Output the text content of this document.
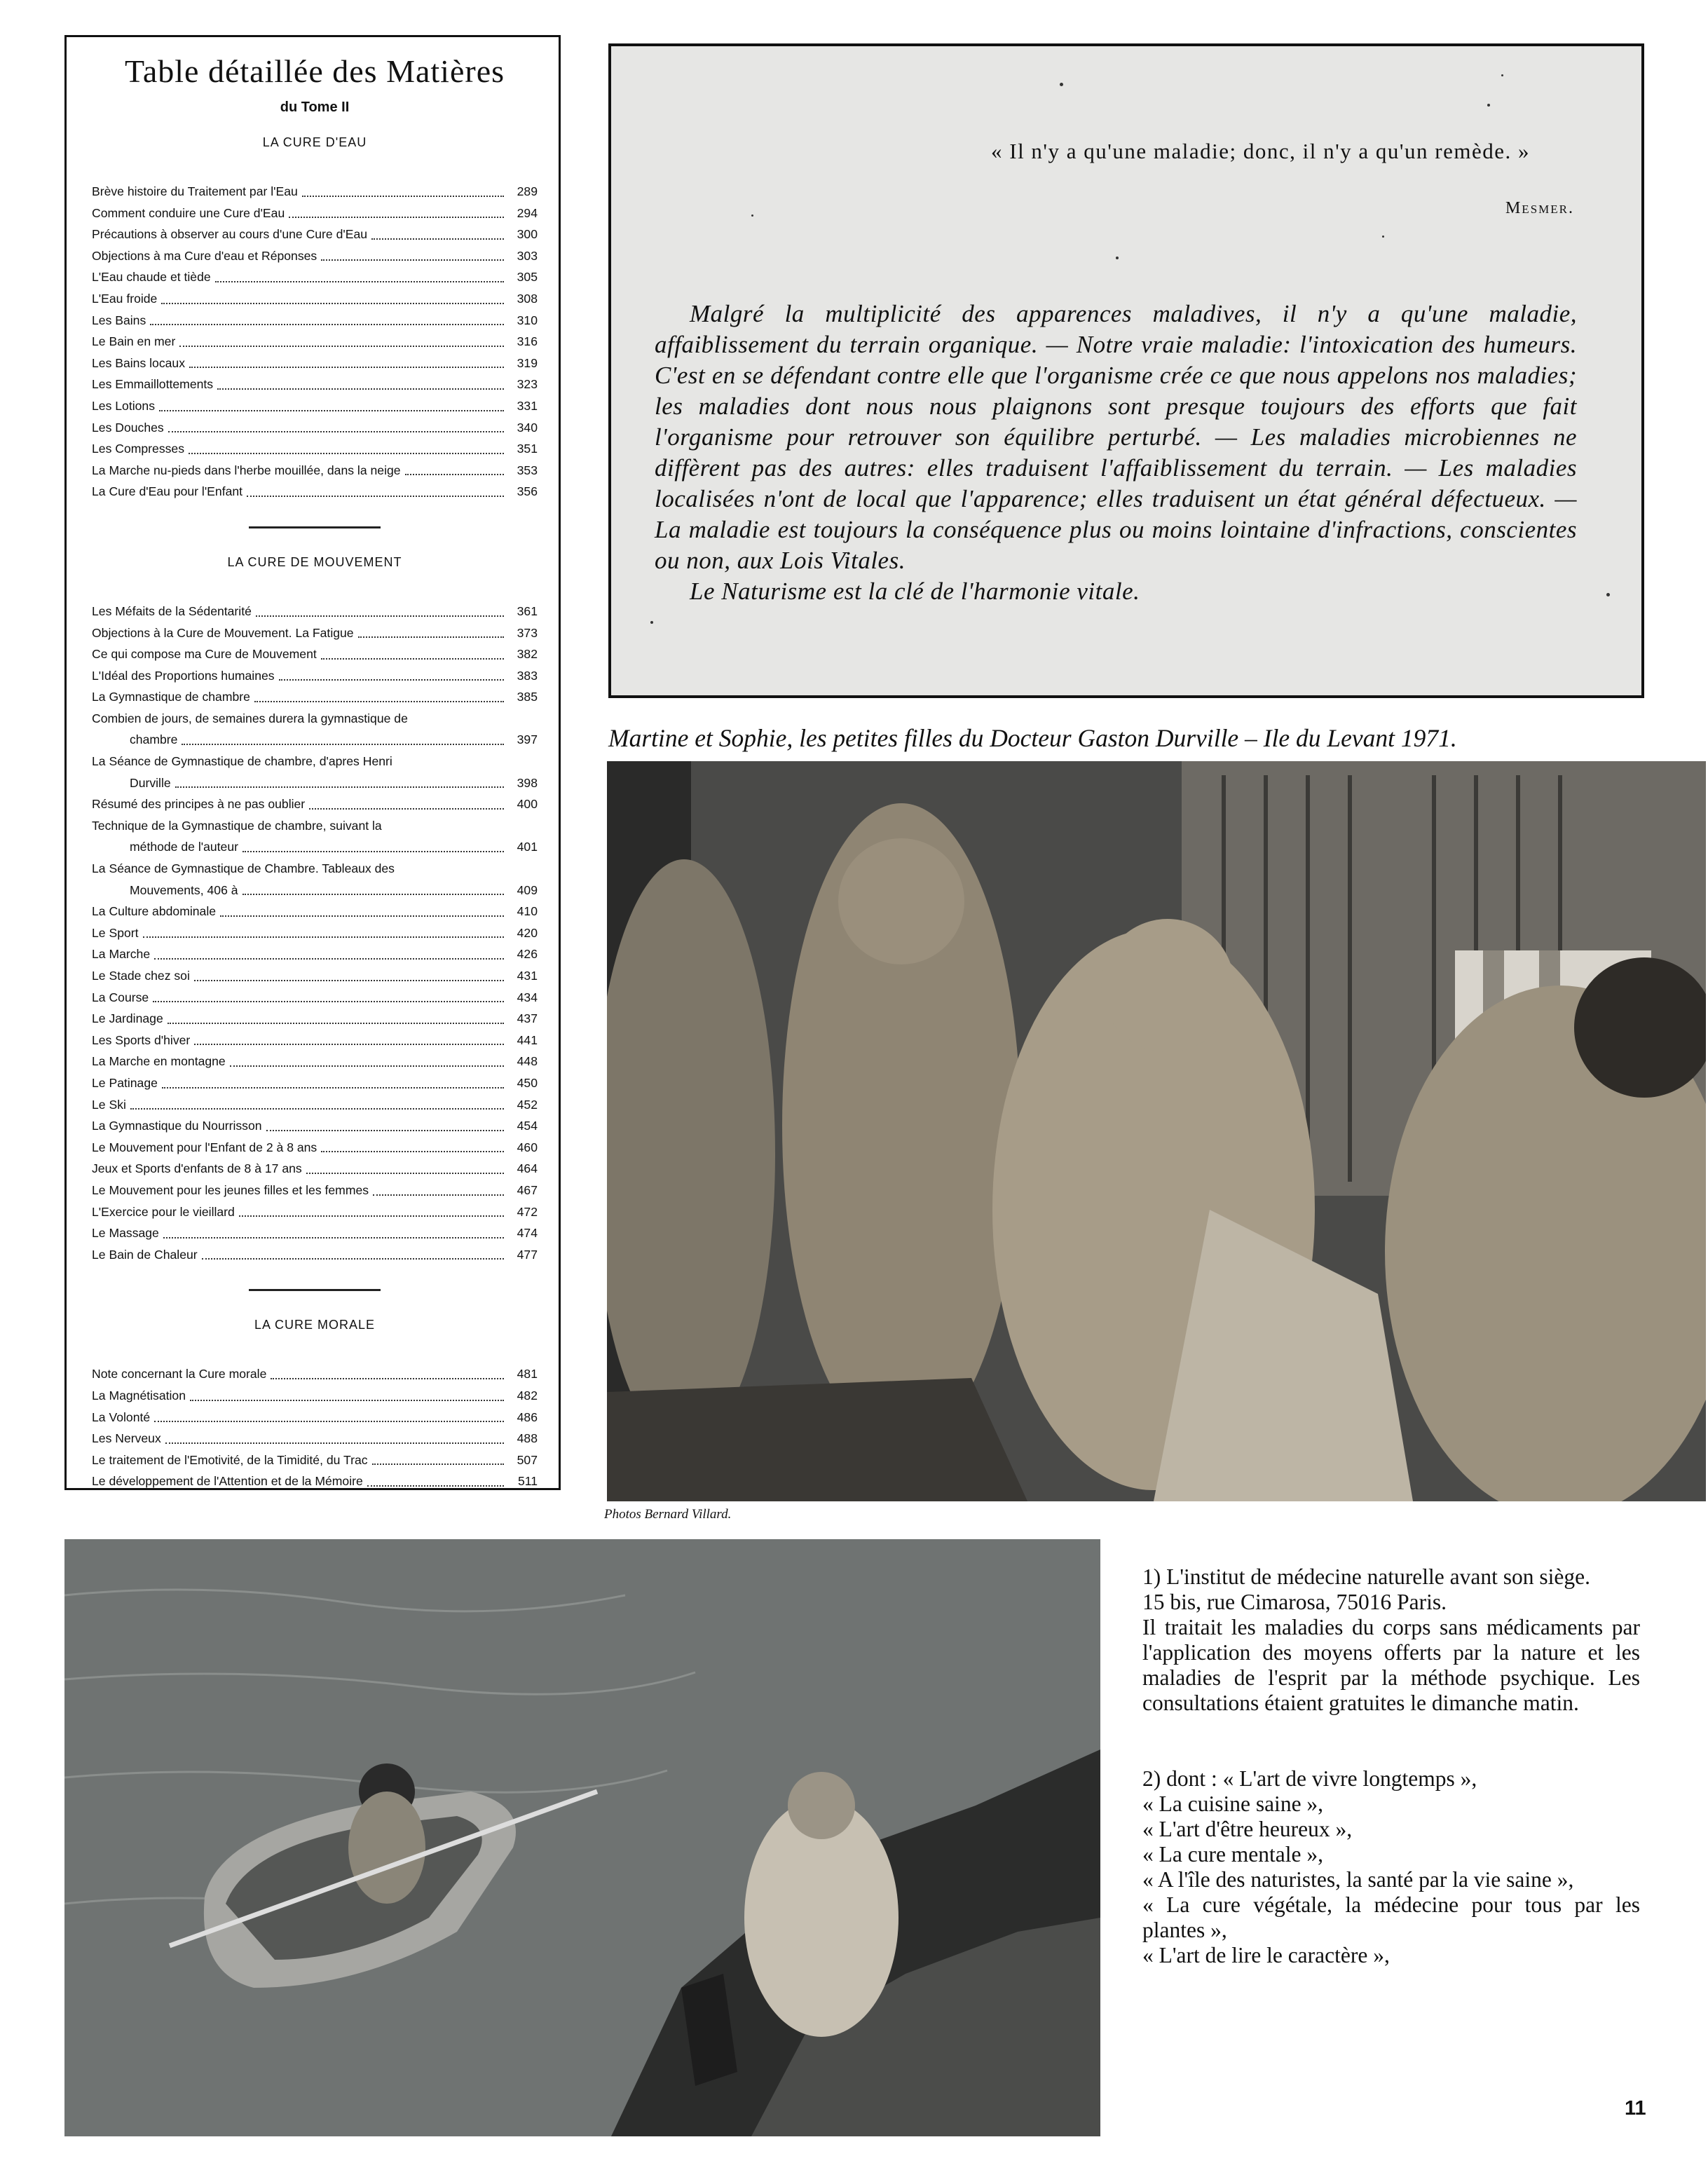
Table détaillée des Matières
du Tome II
LA CURE D'EAU
Brève histoire du Traitement par l'Eau	289
Comment conduire une Cure d'Eau	294
Précautions à observer au cours d'une Cure d'Eau	300
Objections à ma Cure d'eau et Réponses	303
L'Eau chaude et tiède	305
L'Eau froide	308
Les Bains	310
Le Bain en mer	316
Les Bains locaux	319
Les Emmaillottements	323
Les Lotions	331
Les Douches	340
Les Compresses	351
La Marche nu-pieds dans l'herbe mouillée, dans la neige	353
La Cure d'Eau pour l'Enfant	356
LA CURE DE MOUVEMENT
Les Méfaits de la Sédentarité	361
Objections à la Cure de Mouvement. La Fatigue	373
Ce qui compose ma Cure de Mouvement	382
L'Idéal des Proportions humaines	383
La Gymnastique de chambre	385
Combien de jours, de semaines durera la gymnastique de
chambre	397
La Séance de Gymnastique de chambre, d'apres Henri
Durville	398
Résumé des principes à ne pas oublier	400
Technique de la Gymnastique de chambre, suivant la
méthode de l'auteur	401
La Séance de Gymnastique de Chambre. Tableaux des
Mouvements, 406 à	409
La Culture abdominale	410
Le Sport	420
La Marche	426
Le Stade chez soi	431
La Course	434
Le Jardinage	437
Les Sports d'hiver	441
La Marche en montagne	448
Le Patinage	450
Le Ski	452
La Gymnastique du Nourrisson	454
Le Mouvement pour l'Enfant de 2 à 8 ans	460
Jeux et Sports d'enfants de 8 à 17 ans	464
Le Mouvement pour les jeunes filles et les femmes	467
L'Exercice pour le vieillard	472
Le Massage	474
Le Bain de Chaleur	477
LA CURE MORALE
Note concernant la Cure morale	481
La Magnétisation	482
La Volonté	486
Les Nerveux	488
Le traitement de l'Emotivité, de la Timidité, du Trac	507
Le développement de l'Attention et de la Mémoire	511
« Il n'y a qu'une maladie; donc, il n'y a qu'un remède. »
Mesmer.

Malgré la multiplicité des apparences maladives, il n'y a qu'une maladie, affaiblissement du terrain organique. — Notre vraie maladie: l'intoxication des humeurs. C'est en se défendant contre elle que l'organisme crée ce que nous appelons nos maladies; les maladies dont nous nous plaignons sont presque toujours des efforts que fait l'organisme pour retrouver son équilibre perturbé. — Les maladies microbiennes ne diffèrent pas des autres: elles traduisent l'affaiblissement du terrain. — Les maladies localisées n'ont de local que l'apparence; elles traduisent un état général défectueux. — La maladie est toujours la conséquence plus ou moins lointaine d'infractions, conscientes ou non, aux Lois Vitales.

Le Naturisme est la clé de l'harmonie vitale.

Martine et Sophie, les petites filles du Docteur Gaston Durville – Ile du Levant 1971.
Photos Bernard Villard.

1) L'institut de médecine naturelle avant son siège.

15 bis, rue Cimarosa, 75016 Paris.

Il traitait les maladies du corps sans médicaments par l'application des moyens offerts par la nature et les maladies de l'esprit par la méthode psychique. Les consultations étaient gratuites le dimanche matin.

2) dont : « L'art de vivre longtemps »,

« La cuisine saine »,

« L'art d'être heureux »,

« La cure mentale »,

« A l'île des naturistes, la santé par la vie saine »,

« La cure végétale, la médecine pour tous par les plantes »,

« L'art de lire le caractère »,

11
